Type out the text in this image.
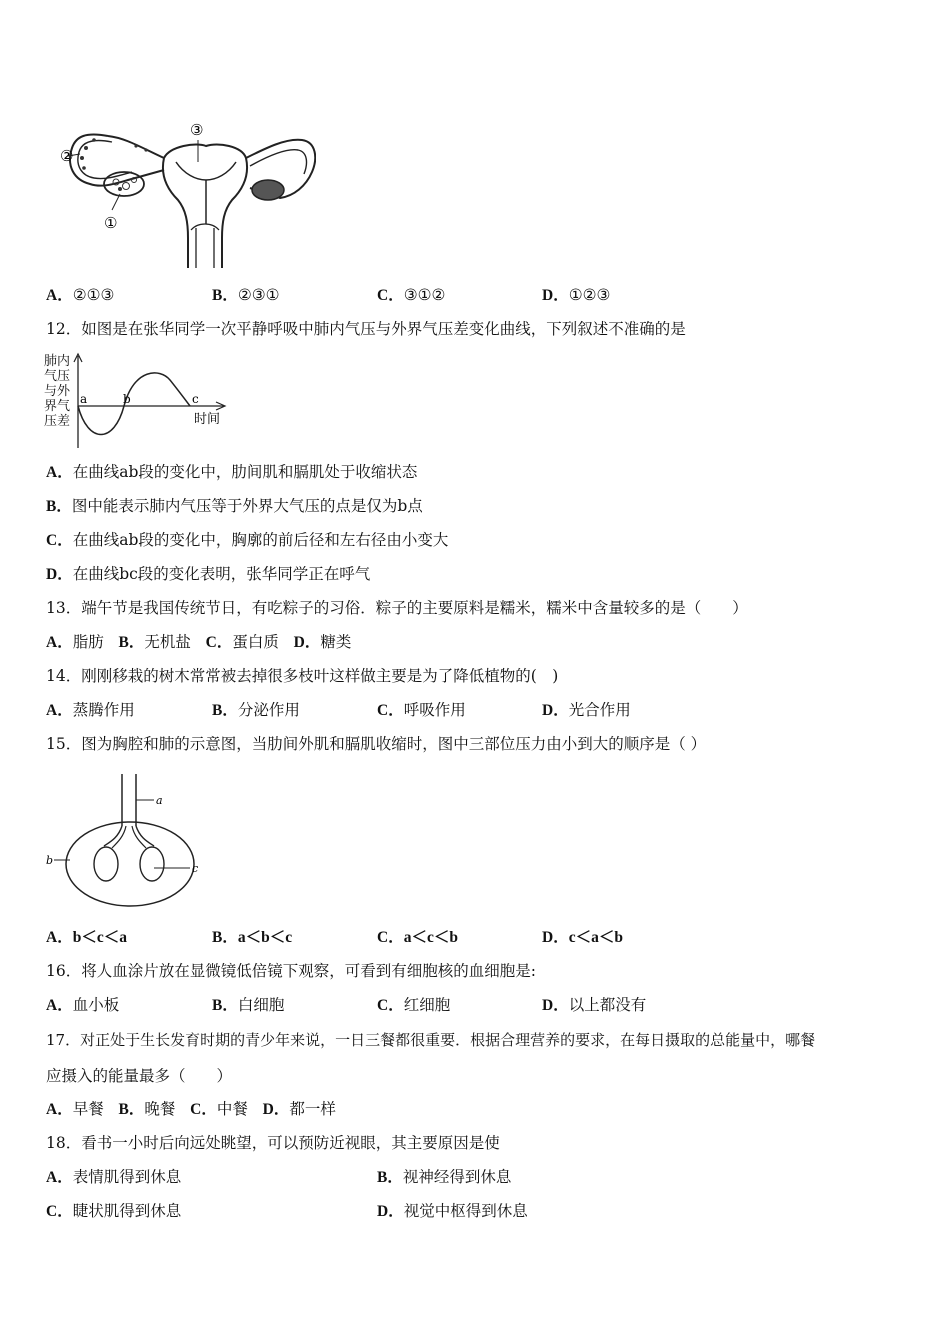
②
①
③
A．②①③	B．②③①	C．③①②	D．①②③
12．如图是在张华同学一次平静呼吸中肺内气压与外界气压差变化曲线，下列叙述不准确的是
肺内
气压
与外
界气
压差
a	b	c
时间
A．在曲线ab段的变化中，肋间肌和膈肌处于收缩状态
B．图中能表示肺内气压等于外界大气压的点是仅为b点
C．在曲线ab段的变化中，胸廓的前后径和左右径由小变大
D．在曲线bc段的变化表明，张华同学正在呼气
13．端午节是我国传统节日，有吃粽子的习俗．粽子的主要原料是糯米，糯米中含量较多的是（　　）
A．脂肪 B．无机盐 C．蛋白质 D．糖类
14．刚刚移栽的树木常常被去掉很多枝叶这样做主要是为了降低植物的(　)
A．蒸腾作用	B．分泌作用	C．呼吸作用	D．光合作用
15．图为胸腔和肺的示意图，当肋间外肌和膈肌收缩时，图中三部位压力由小到大的顺序是（ ）
a
b
c
A．b＜c＜a	B．a＜b＜c	C．a＜c＜b	D．c＜a＜b
16．将人血涂片放在显微镜低倍镜下观察，可看到有细胞核的血细胞是:
A．血小板	B．白细胞	C．红细胞	D．以上都没有
17．对正处于生长发育时期的青少年来说，一日三餐都很重要．根据合理营养的要求，在每日摄取的总能量中，哪餐
应摄入的能量最多（　　）
A．早餐 B．晚餐 C．中餐 D．都一样
18．看书一小时后向远处眺望，可以预防近视眼，其主要原因是使
A．表情肌得到休息	B．视神经得到休息
C．睫状肌得到休息	D．视觉中枢得到休息
